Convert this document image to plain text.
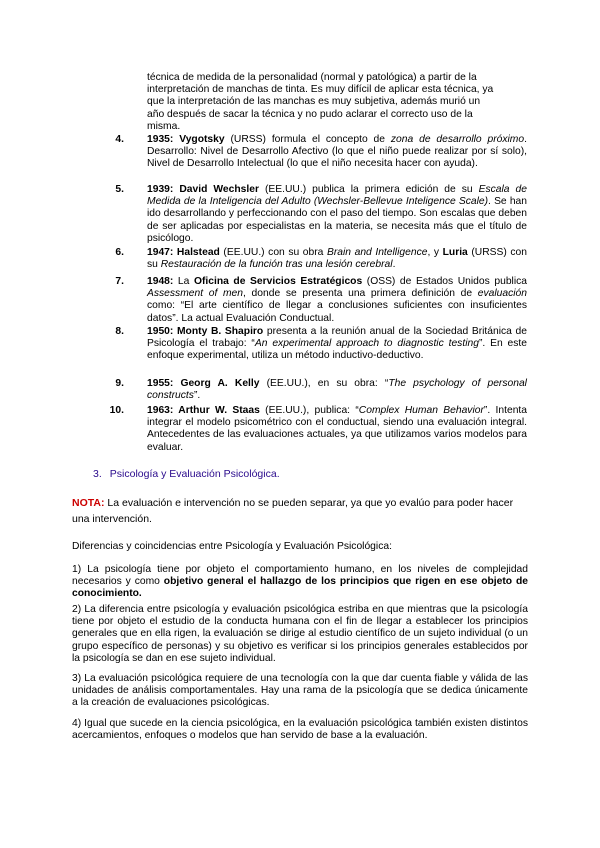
técnica de medida de la personalidad (normal y patológica) a partir de la
interpretación de manchas de tinta. Es muy difícil de aplicar esta técnica, ya
que la interpretación de las manchas es muy subjetiva, además murió un
año después de sacar la técnica y no pudo aclarar el correcto uso de la
misma.
4. 1935: Vygotsky (URSS) formula el concepto de zona de desarrollo próximo. Desarrollo: Nivel de Desarrollo Afectivo (lo que el niño puede realizar por sí solo), Nivel de Desarrollo Intelectual (lo que el niño necesita hacer con ayuda).
5. 1939: David Wechsler (EE.UU.) publica la primera edición de su Escala de Medida de la Inteligencia del Adulto (Wechsler-Bellevue Inteligence Scale). Se han ido desarrollando y perfeccionando con el paso del tiempo. Son escalas que deben de ser aplicadas por especialistas en la materia, se necesita más que el título de psicólogo.
6. 1947: Halstead (EE.UU.) con su obra Brain and Intelligence, y Luria (URSS) con su Restauración de la función tras una lesión cerebral.
7. 1948: La Oficina de Servicios Estratégicos (OSS) de Estados Unidos publica Assessment of men, donde se presenta una primera definición de evaluación como: “El arte científico de llegar a conclusiones suficientes con insuficientes datos”. La actual Evaluación Conductual.
8. 1950: Monty B. Shapiro presenta a la reunión anual de la Sociedad Británica de Psicología el trabajo: “An experimental approach to diagnostic testing”. En este enfoque experimental, utiliza un método inductivo-deductivo.
9. 1955: Georg A. Kelly (EE.UU.), en su obra: “The psychology of personal constructs”.
10. 1963: Arthur W. Staas (EE.UU.), publica: “Complex Human Behavior”. Intenta integrar el modelo psicométrico con el conductual, siendo una evaluación integral. Antecedentes de las evaluaciones actuales, ya que utilizamos varios modelos para evaluar.
3. Psicología y Evaluación Psicológica.
NOTA: La evaluación e intervención no se pueden separar, ya que yo evalúo para poder hacer una intervención.
Diferencias y coincidencias entre Psicología y Evaluación Psicológica:
1) La psicología tiene por objeto el comportamiento humano, en los niveles de complejidad necesarios y como objetivo general el hallazgo de los principios que rigen en ese objeto de conocimiento.
2) La diferencia entre psicología y evaluación psicológica estriba en que mientras que la psicología tiene por objeto el estudio de la conducta humana con el fin de llegar a establecer los principios generales que en ella rigen, la evaluación se dirige al estudio científico de un sujeto individual (o un grupo específico de personas) y su objetivo es verificar si los principios generales establecidos por la psicología se dan en ese sujeto individual.
3) La evaluación psicológica requiere de una tecnología con la que dar cuenta fiable y válida de las unidades de análisis comportamentales. Hay una rama de la psicología que se dedica únicamente a la creación de evaluaciones psicológicas.
4) Igual que sucede en la ciencia psicológica, en la evaluación psicológica también existen distintos acercamientos, enfoques o modelos que han servido de base a la evaluación.
